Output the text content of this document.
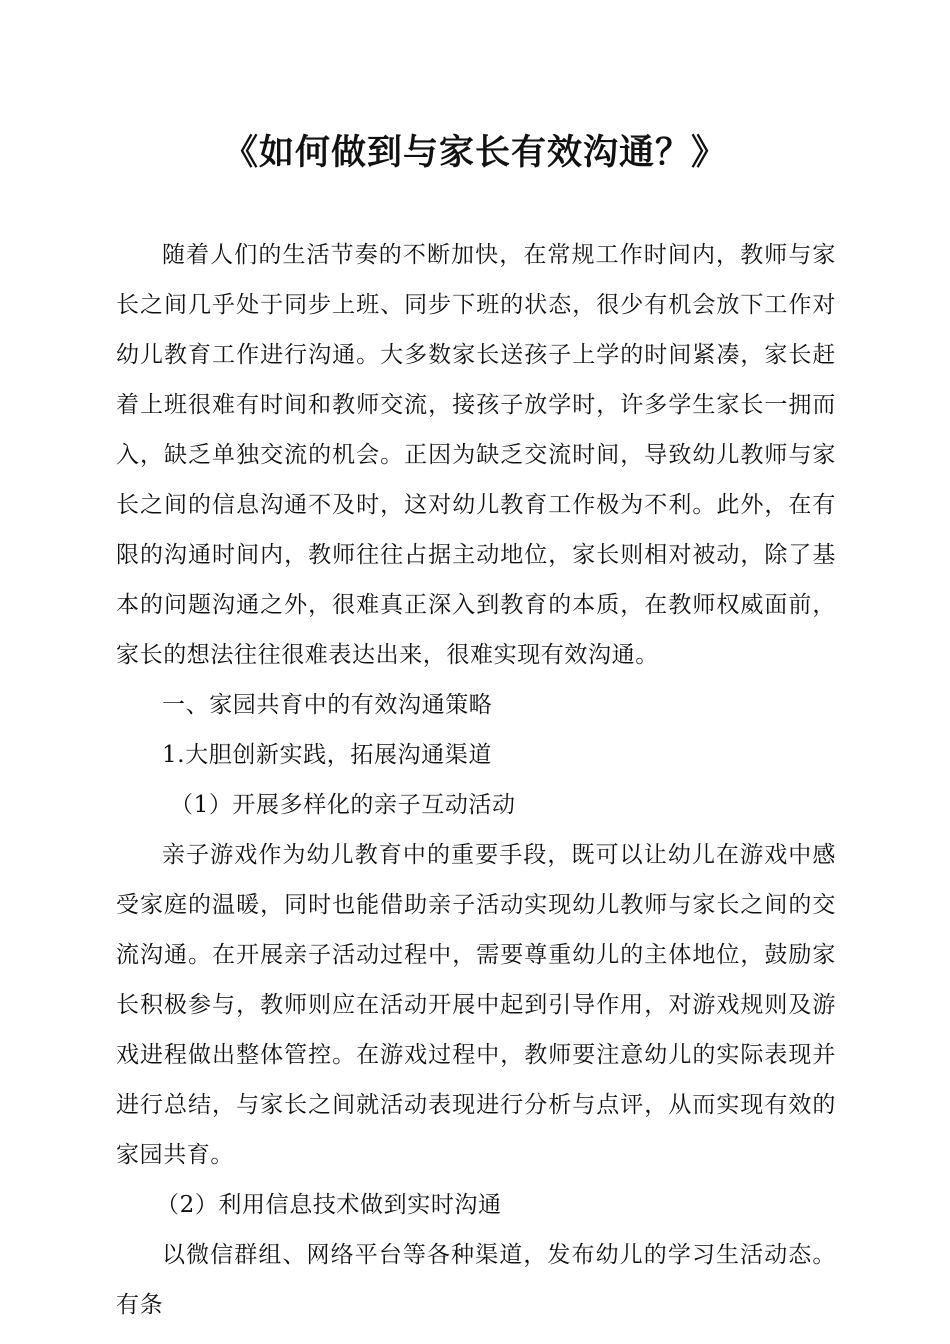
《如何做到与家长有效沟通？》

随着人们的生活节奏的不断加快，在常规工作时间内，教师与家长之间几乎处于同步上班、同步下班的状态，很少有机会放下工作对幼儿教育工作进行沟通。大多数家长送孩子上学的时间紧凑，家长赶着上班很难有时间和教师交流，接孩子放学时，许多学生家长一拥而入，缺乏单独交流的机会。正因为缺乏交流时间，导致幼儿教师与家长之间的信息沟通不及时，这对幼儿教育工作极为不利。此外，在有限的沟通时间内，教师往往占据主动地位，家长则相对被动，除了基本的问题沟通之外，很难真正深入到教育的本质，在教师权威面前，家长的想法往往很难表达出来，很难实现有效沟通。

一、家园共育中的有效沟通策略

1.大胆创新实践，拓展沟通渠道

（1）开展多样化的亲子互动活动

亲子游戏作为幼儿教育中的重要手段，既可以让幼儿在游戏中感受家庭的温暖，同时也能借助亲子活动实现幼儿教师与家长之间的交流沟通。在开展亲子活动过程中，需要尊重幼儿的主体地位，鼓励家长积极参与，教师则应在活动开展中起到引导作用，对游戏规则及游戏进程做出整体管控。在游戏过程中，教师要注意幼儿的实际表现并进行总结，与家长之间就活动表现进行分析与点评，从而实现有效的家园共育。

（2）利用信息技术做到实时沟通

以微信群组、网络平台等各种渠道，发布幼儿的学习生活动态。有条
